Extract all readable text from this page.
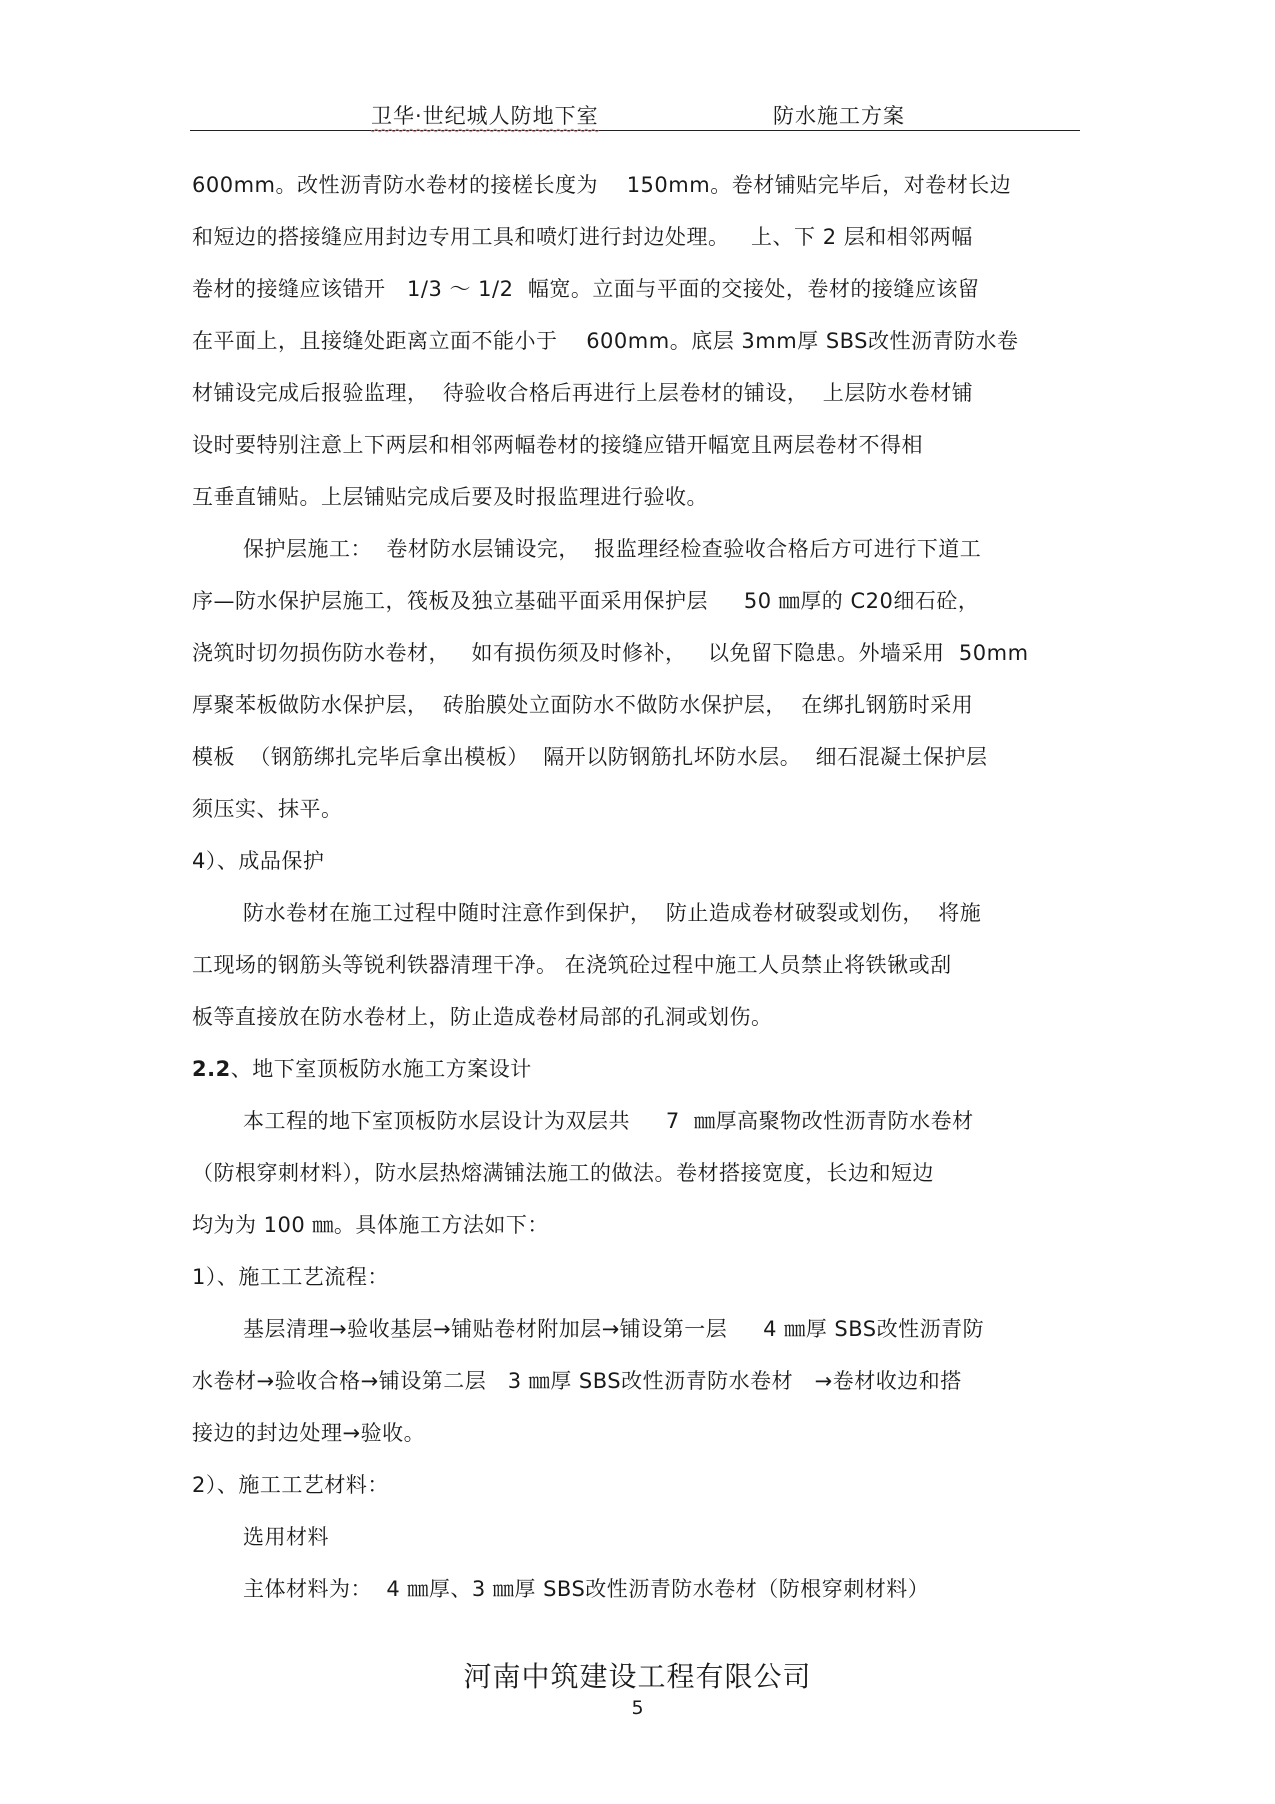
卫华·世纪城人防地下室	防水施工方案
600mm。改性沥青防水卷材的接槎长度为    150mm。卷材铺贴完毕后，对卷材长边
和短边的搭接缝应用封边专用工具和喷灯进行封边处理。   上、下 2 层和相邻两幅
卷材的接缝应该错开   1/3 ～ 1/2  幅宽。立面与平面的交接处，卷材的接缝应该留
在平面上，且接缝处距离立面不能小于    600mm。底层 3mm厚 SBS改性沥青防水卷
材铺设完成后报验监理，  待验收合格后再进行上层卷材的铺设，  上层防水卷材铺
设时要特别注意上下两层和相邻两幅卷材的接缝应错开幅宽且两层卷材不得相
互垂直铺贴。上层铺贴完成后要及时报监理进行验收。
保护层施工：  卷材防水层铺设完，  报监理经检查验收合格后方可进行下道工
序—防水保护层施工，筏板及独立基础平面采用保护层     50 ㎜厚的 C20细石砼，
浇筑时切勿损伤防水卷材，   如有损伤须及时修补，   以免留下隐患。外墙采用  50mm
厚聚苯板做防水保护层，  砖胎膜处立面防水不做防水保护层，  在绑扎钢筋时采用
模板  （钢筋绑扎完毕后拿出模板）  隔开以防钢筋扎坏防水层。  细石混凝土保护层
须压实、抹平。
4）、成品保护
防水卷材在施工过程中随时注意作到保护，  防止造成卷材破裂或划伤，  将施
工现场的钢筋头等锐利铁器清理干净。 在浇筑砼过程中施工人员禁止将铁锹或刮
板等直接放在防水卷材上，防止造成卷材局部的孔洞或划伤。
2.2、地下室顶板防水施工方案设计
本工程的地下室顶板防水层设计为双层共     7  ㎜厚高聚物改性沥青防水卷材
（防根穿刺材料），防水层热熔满铺法施工的做法。卷材搭接宽度，长边和短边
均为为 100 ㎜。具体施工方法如下：
1）、施工工艺流程：
基层清理→验收基层→铺贴卷材附加层→铺设第一层     4 ㎜厚 SBS改性沥青防
水卷材→验收合格→铺设第二层   3 ㎜厚 SBS改性沥青防水卷材   →卷材收边和搭
接边的封边处理→验收。
2）、施工工艺材料：
选用材料
主体材料为：  4 ㎜厚、3 ㎜厚 SBS改性沥青防水卷材（防根穿刺材料）
河南中筑建设工程有限公司
5
